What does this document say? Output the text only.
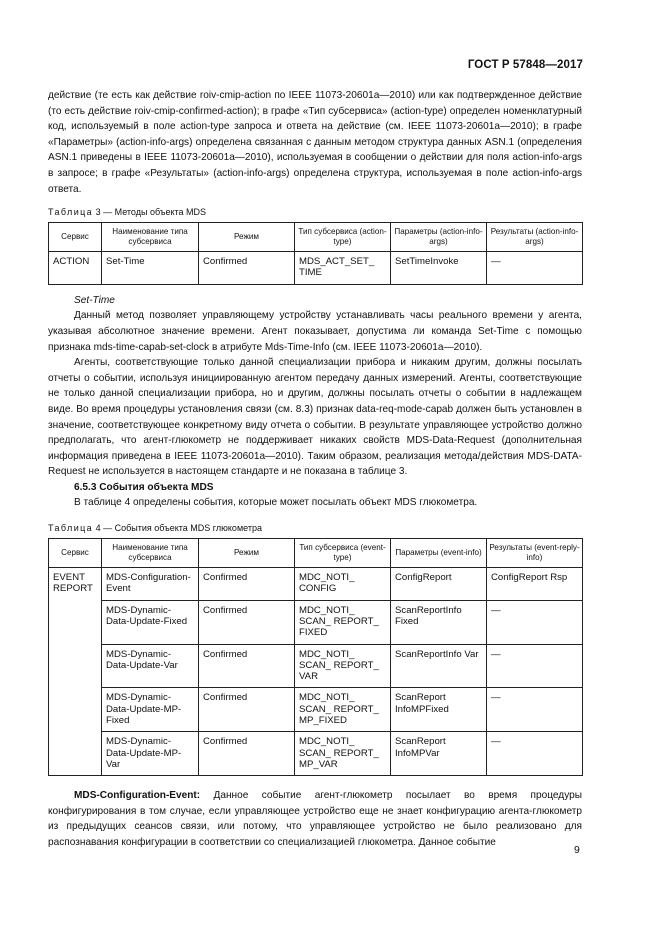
ГОСТ Р 57848—2017

действие (те есть как действие roiv-cmip-action по IEEE 11073-20601a—2010) или как подтвержденное действие (то есть действие roiv-cmip-confirmed-action); в графе «Тип субсервиса» (action-type) определен номенклатурный код, используемый в поле action-type запроса и ответа на действие (см. IEEE 11073-20601a—2010); в графе «Параметры» (action-info-args) определена связанная с данным методом структура данных ASN.1 (определения ASN.1 приведены в IEEE 11073-20601a—2010), используемая в сообщении о действии для поля action-info-args в запросе; в графе «Результаты» (action-info-args) определена структура, используемая в поле action-info-args ответа.

Таблица 3 — Методы объекта MDS
Сервис	Наименование типа субсервиса	Режим	Тип субсервиса (action-type)	Параметры (action-info-args)	Результаты (action-info-args)
ACTION	Set-Time	Confirmed	MDS_ACT_SET_ TIME	SetTimeInvoke	—

Set-Time

Данный метод позволяет управляющему устройству устанавливать часы реального времени у агента, указывая абсолютное значение времени. Агент показывает, допустима ли команда Set-Time с помощью признака mds-time-capab-set-clock в атрибуте Mds-Time-Info (см. IEEE 11073-20601a—2010).

Агенты, соответствующие только данной специализации прибора и никаким другим, должны посылать отчеты о событии, используя инициированную агентом передачу данных измерений. Агенты, соответствующие не только данной специализации прибора, но и другим, должны посылать отчеты о событии в надлежащем виде. Во время процедуры установления связи (см. 8.3) признак data-req-mode-capab должен быть установлен в значение, соответствующее конкретному виду отчета о событии. В результате управляющее устройство должно предполагать, что агент-глюкометр не поддерживает никаких свойств MDS-Data-Request (дополнительная информация приведена в IEEE 11073-20601a—2010). Таким образом, реализация метода/действия MDS-DATA-Request не используется в настоящем стандарте и не показана в таблице 3.

6.5.3 События объекта MDS

В таблице 4 определены события, которые может посылать объект MDS глюкометра.

Таблица 4 — События объекта MDS глюкометра
Сервис	Наименование типа субсервиса	Режим	Тип субсервиса (event-type)	Параметры (event-info)	Результаты (event-reply-info)
EVENT REPORT	MDS-Configuration-Event	Confirmed	MDC_NOTI_ CONFIG	ConfigReport	ConfigReport Rsp
	MDS-Dynamic-Data-Update-Fixed	Confirmed	MDC_NOTI_ SCAN_ REPORT_ FIXED	ScanReportInfo Fixed	—
	MDS-Dynamic-Data-Update-Var	Confirmed	MDC_NOTI_ SCAN_ REPORT_ VAR	ScanReportInfo Var	—
	MDS-Dynamic-Data-Update-MP-Fixed	Confirmed	MDC_NOTI_ SCAN_ REPORT_ MP_FIXED	ScanReport InfoMPFixed	—
	MDS-Dynamic-Data-Update-MP-Var	Confirmed	MDC_NOTI_ SCAN_ REPORT_ MP_VAR	ScanReport InfoMPVar	—

MDS-Configuration-Event: Данное событие агент-глюкометр посылает во время процедуры конфигурирования в том случае, если управляющее устройство еще не знает конфигурацию агента-глюкометр из предыдущих сеансов связи, или потому, что управляющее устройство не было реализовано для распознавания конфигурации в соответствии со специализацией глюкометра. Данное событие

9
